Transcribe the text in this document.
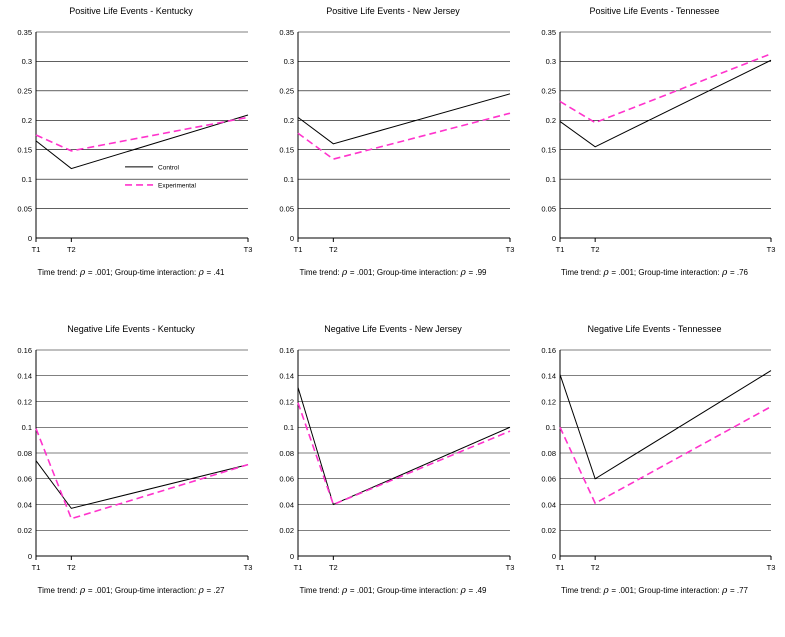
Positive Life Events - Kentucky
0
0.05
0.1
0.15
0.2
0.25
0.3
0.35
T1	T2	T3
Control
Experimental
Time trend: ρ = .001; Group-time interaction: ρ = .41
Positive Life Events - New Jersey
0
0.05
0.1
0.15
0.2
0.25
0.3
0.35
T1	T2	T3
Time trend: ρ = .001; Group-time interaction: ρ = .99
Positive Life Events - Tennessee
0
0.05
0.1
0.15
0.2
0.25
0.3
0.35
T1	T2	T3
Time trend: ρ = .001; Group-time interaction: ρ = .76
Negative Life Events - Kentucky
0
0.02
0.04
0.06
0.08
0.1
0.12
0.14
0.16
T1	T2	T3
Time trend: ρ = .001; Group-time interaction: ρ = .27
Negative Life Events - New Jersey
0
0.02
0.04
0.06
0.08
0.1
0.12
0.14
0.16
T1	T2	T3
Time trend: ρ = .001; Group-time interaction: ρ = .49
Negative Life Events - Tennessee
0
0.02
0.04
0.06
0.08
0.1
0.12
0.14
0.16
T1	T2	T3
Time trend: ρ = .001; Group-time interaction: ρ = .77
